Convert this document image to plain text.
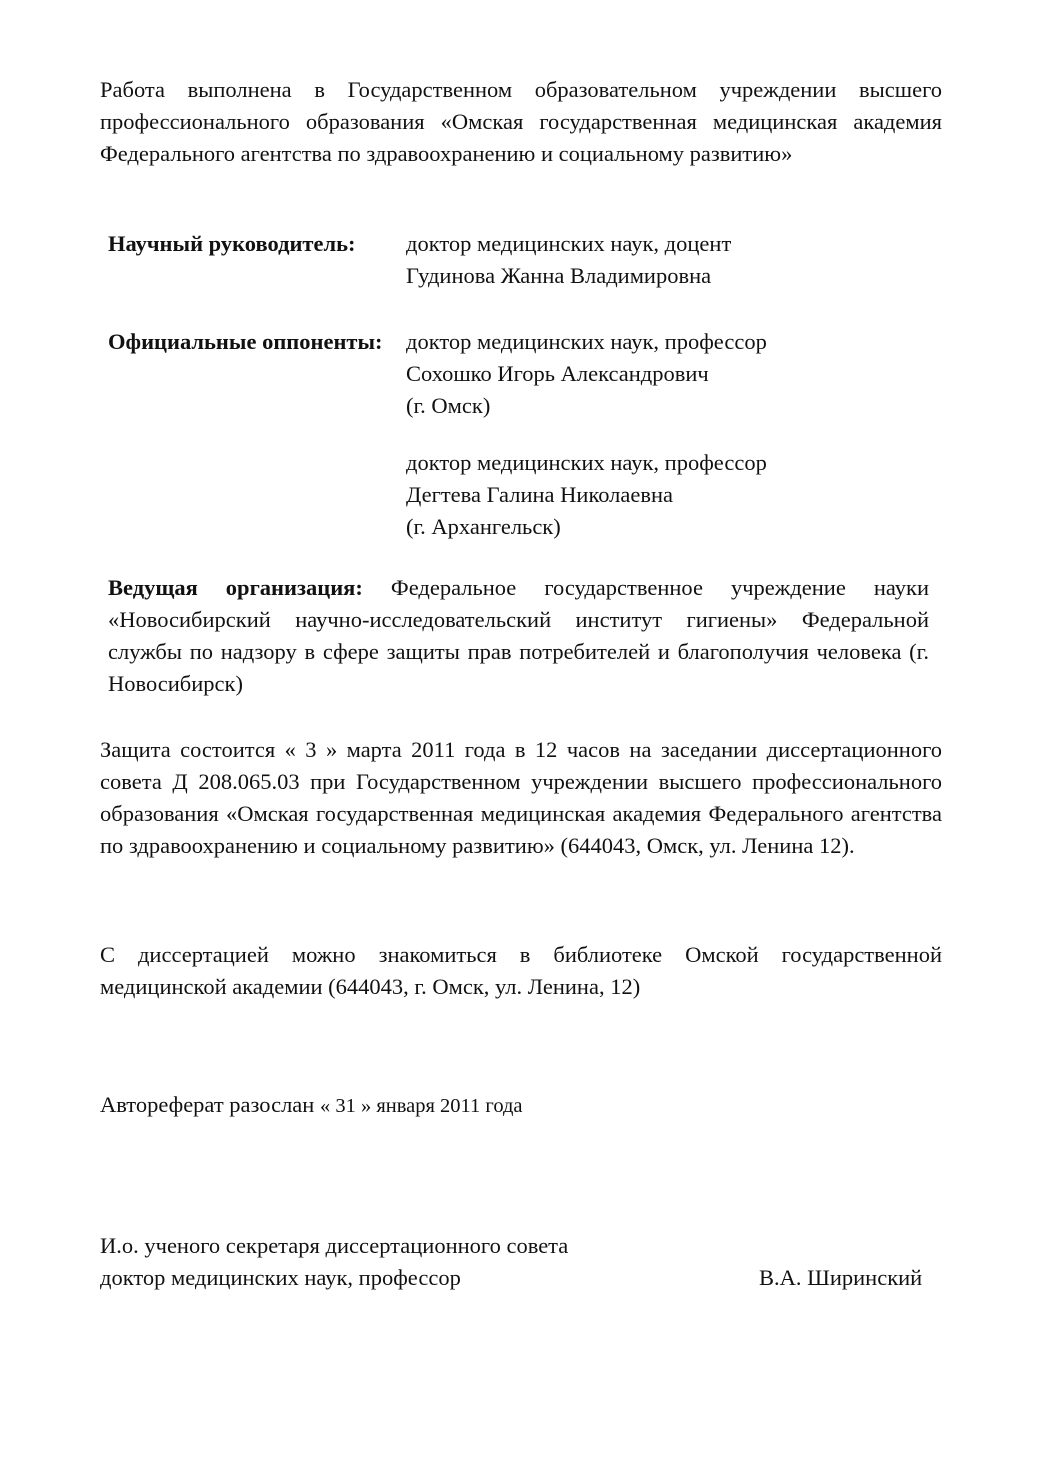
Работа выполнена в Государственном образовательном учреждении высшего профессионального образования «Омская государственная медицинская академия Федерального агентства по здравоохранению и социальному развитию»
Научный руководитель: доктор медицинских наук, доцент
Гудинова Жанна Владимировна
Официальные оппоненты: доктор медицинских наук, профессор
Сохошко Игорь Александрович
(г. Омск)
доктор медицинских наук, профессор
Дегтева Галина Николаевна
(г. Архангельск)
Ведущая организация: Федеральное государственное учреждение науки «Новосибирский научно-исследовательский институт гигиены» Федеральной службы по надзору в сфере защиты прав потребителей и благополучия человека (г. Новосибирск)
Защита состоится « 3 » марта 2011 года в 12 часов на заседании диссертационного совета Д 208.065.03 при Государственном учреждении высшего профессионального образования «Омская государственная медицинская академия Федерального агентства по здравоохранению и социальному развитию» (644043, Омск, ул. Ленина 12).
С диссертацией можно знакомиться в библиотеке Омской государственной медицинской академии (644043, г. Омск, ул. Ленина, 12)
Автореферат разослан « 31 » января 2011 года
И.о. ученого секретаря диссертационного совета
доктор медицинских наук, профессор	В.А. Ширинский
